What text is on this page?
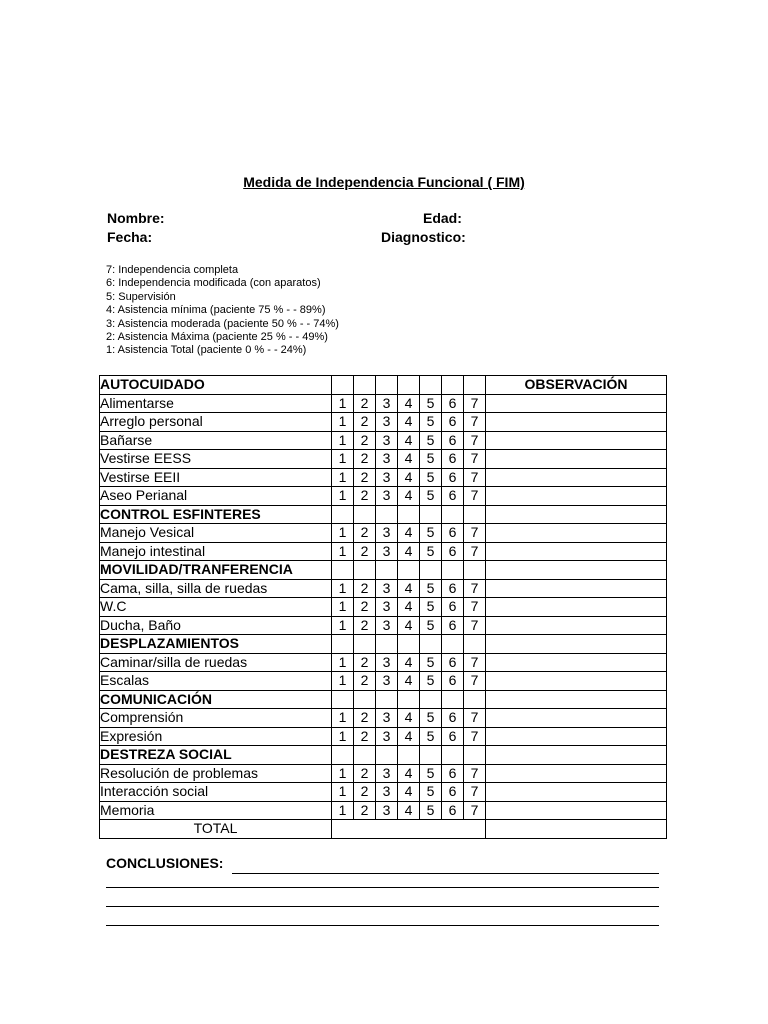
Medida de Independencia Funcional ( FIM)
Nombre:	Edad:
Fecha:	Diagnostico:
7: Independencia completa
6: Independencia modificada (con aparatos)
5: Supervisión
4: Asistencia mínima (paciente 75 % - - 89%)
3: Asistencia moderada (paciente 50 % - - 74%)
2: Asistencia Máxima (paciente 25 % - - 49%)
1: Asistencia Total (paciente 0 % - - 24%)
AUTOCUIDADO								OBSERVACIÓN
Alimentarse	1	2	3	4	5	6	7	
Arreglo personal	1	2	3	4	5	6	7	
Bañarse	1	2	3	4	5	6	7	
Vestirse EESS	1	2	3	4	5	6	7	
Vestirse EEII	1	2	3	4	5	6	7	
Aseo Perianal	1	2	3	4	5	6	7	
CONTROL ESFINTERES								
Manejo Vesical	1	2	3	4	5	6	7	
Manejo intestinal	1	2	3	4	5	6	7	
MOVILIDAD/TRANFERENCIA								
Cama, silla, silla de ruedas	1	2	3	4	5	6	7	
W.C	1	2	3	4	5	6	7	
Ducha, Baño	1	2	3	4	5	6	7	
DESPLAZAMIENTOS								
Caminar/silla de ruedas	1	2	3	4	5	6	7	
Escalas	1	2	3	4	5	6	7	
COMUNICACIÓN								
Comprensión	1	2	3	4	5	6	7	
Expresión	1	2	3	4	5	6	7	
DESTREZA SOCIAL								
Resolución de problemas	1	2	3	4	5	6	7	
Interacción social	1	2	3	4	5	6	7	
Memoria	1	2	3	4	5	6	7	
TOTAL								
CONCLUSIONES:
